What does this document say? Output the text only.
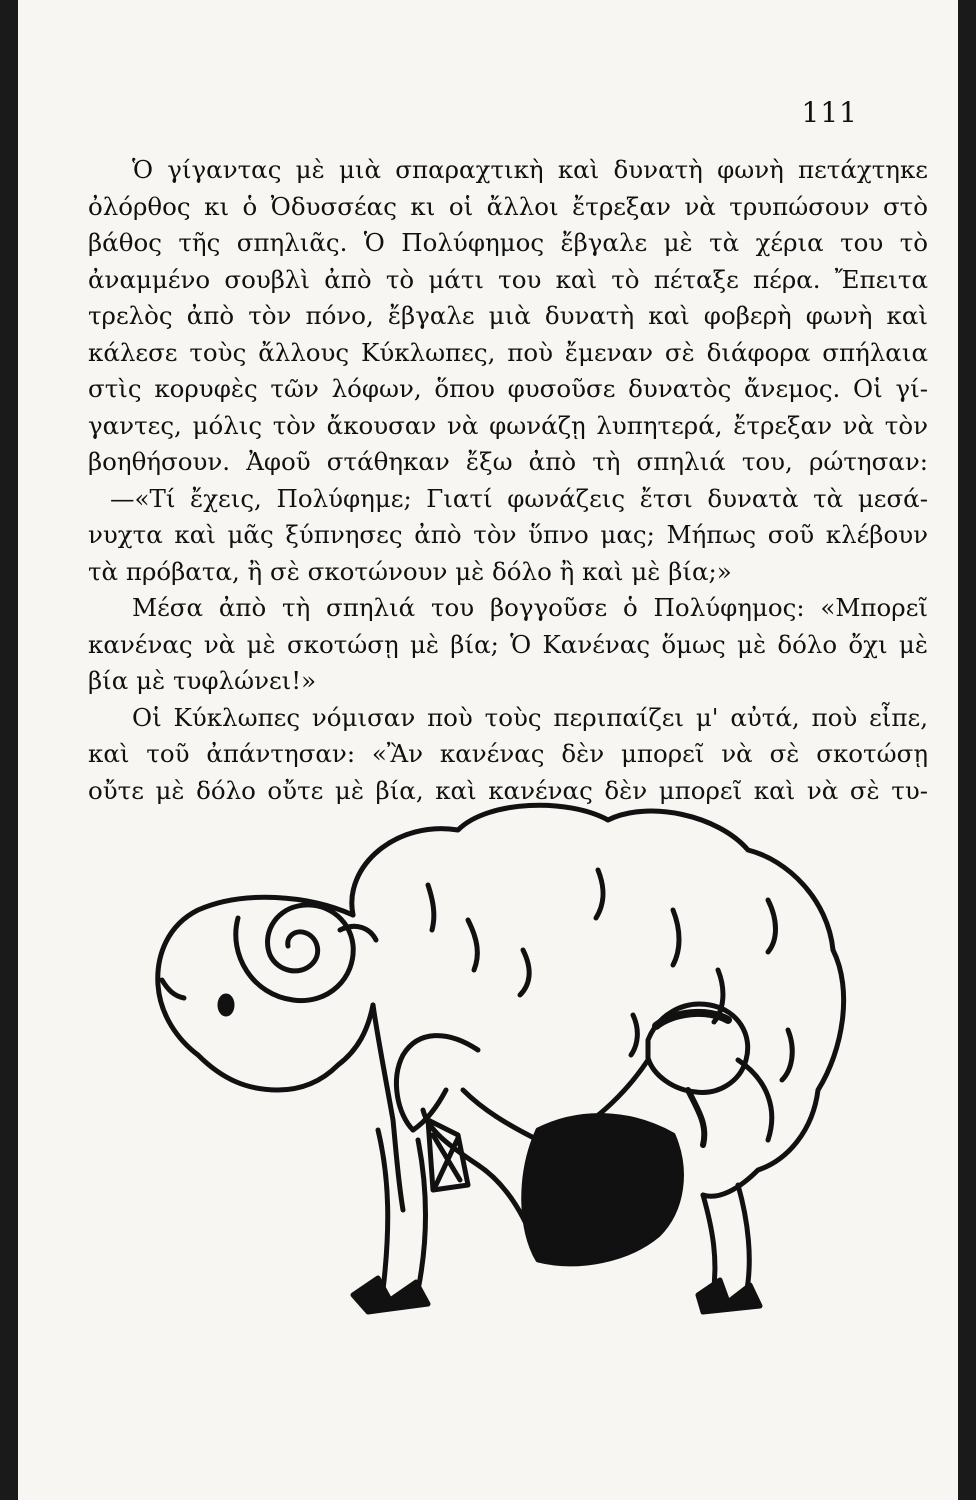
111
Ὁ γίγαντας μὲ μιὰ σπαραχτικὴ καὶ δυνατὴ φωνὴ πετάχτηκε
ὀλόρθος κι ὁ Ὀδυσσέας κι οἱ ἄλλοι ἔτρεξαν νὰ τρυπώσουν στὸ
βάθος τῆς σπηλιᾶς. Ὁ Πολύφημος ἔβγαλε μὲ τὰ χέρια του τὸ
ἀναμμένο σουβλὶ ἀπὸ τὸ μάτι του καὶ τὸ πέταξε πέρα. Ἔπειτα
τρελὸς ἀπὸ τὸν πόνο, ἔβγαλε μιὰ δυνατὴ καὶ φοβερὴ φωνὴ καὶ
κάλεσε τοὺς ἄλλους Κύκλωπες, ποὺ ἔμεναν σὲ διάφορα σπήλαια
στὶς κορυφὲς τῶν λόφων, ὅπου φυσοῦσε δυνατὸς ἄνεμος. Οἱ γί-
γαντες, μόλις τὸν ἄκουσαν νὰ φωνάζῃ λυπητερά, ἔτρεξαν νὰ τὸν
βοηθήσουν. Ἀφοῦ στάθηκαν ἔξω ἀπὸ τὴ σπηλιά του, ρώτησαν:
—«Τί ἔχεις, Πολύφημε; Γιατί φωνάζεις ἔτσι δυνατὰ τὰ μεσά-
νυχτα καὶ μᾶς ξύπνησες ἀπὸ τὸν ὕπνο μας; Μήπως σοῦ κλέβουν
τὰ πρόβατα, ἢ σὲ σκοτώνουν μὲ δόλο ἢ καὶ μὲ βία;»
Μέσα ἀπὸ τὴ σπηλιά του βογγοῦσε ὁ Πολύφημος: «Μπορεῖ
κανένας νὰ μὲ σκοτώσῃ μὲ βία; Ὁ Κανένας ὅμως μὲ δόλο ὄχι μὲ
βία μὲ τυφλώνει!»
Οἱ Κύκλωπες νόμισαν ποὺ τοὺς περιπαίζει μ' αὐτά, ποὺ εἶπε,
καὶ τοῦ ἀπάντησαν: «Ἂν κανένας δὲν μπορεῖ νὰ σὲ σκοτώσῃ
οὔτε μὲ δόλο οὔτε μὲ βία, καὶ κανένας δὲν μπορεῖ καὶ νὰ σὲ τυ-
